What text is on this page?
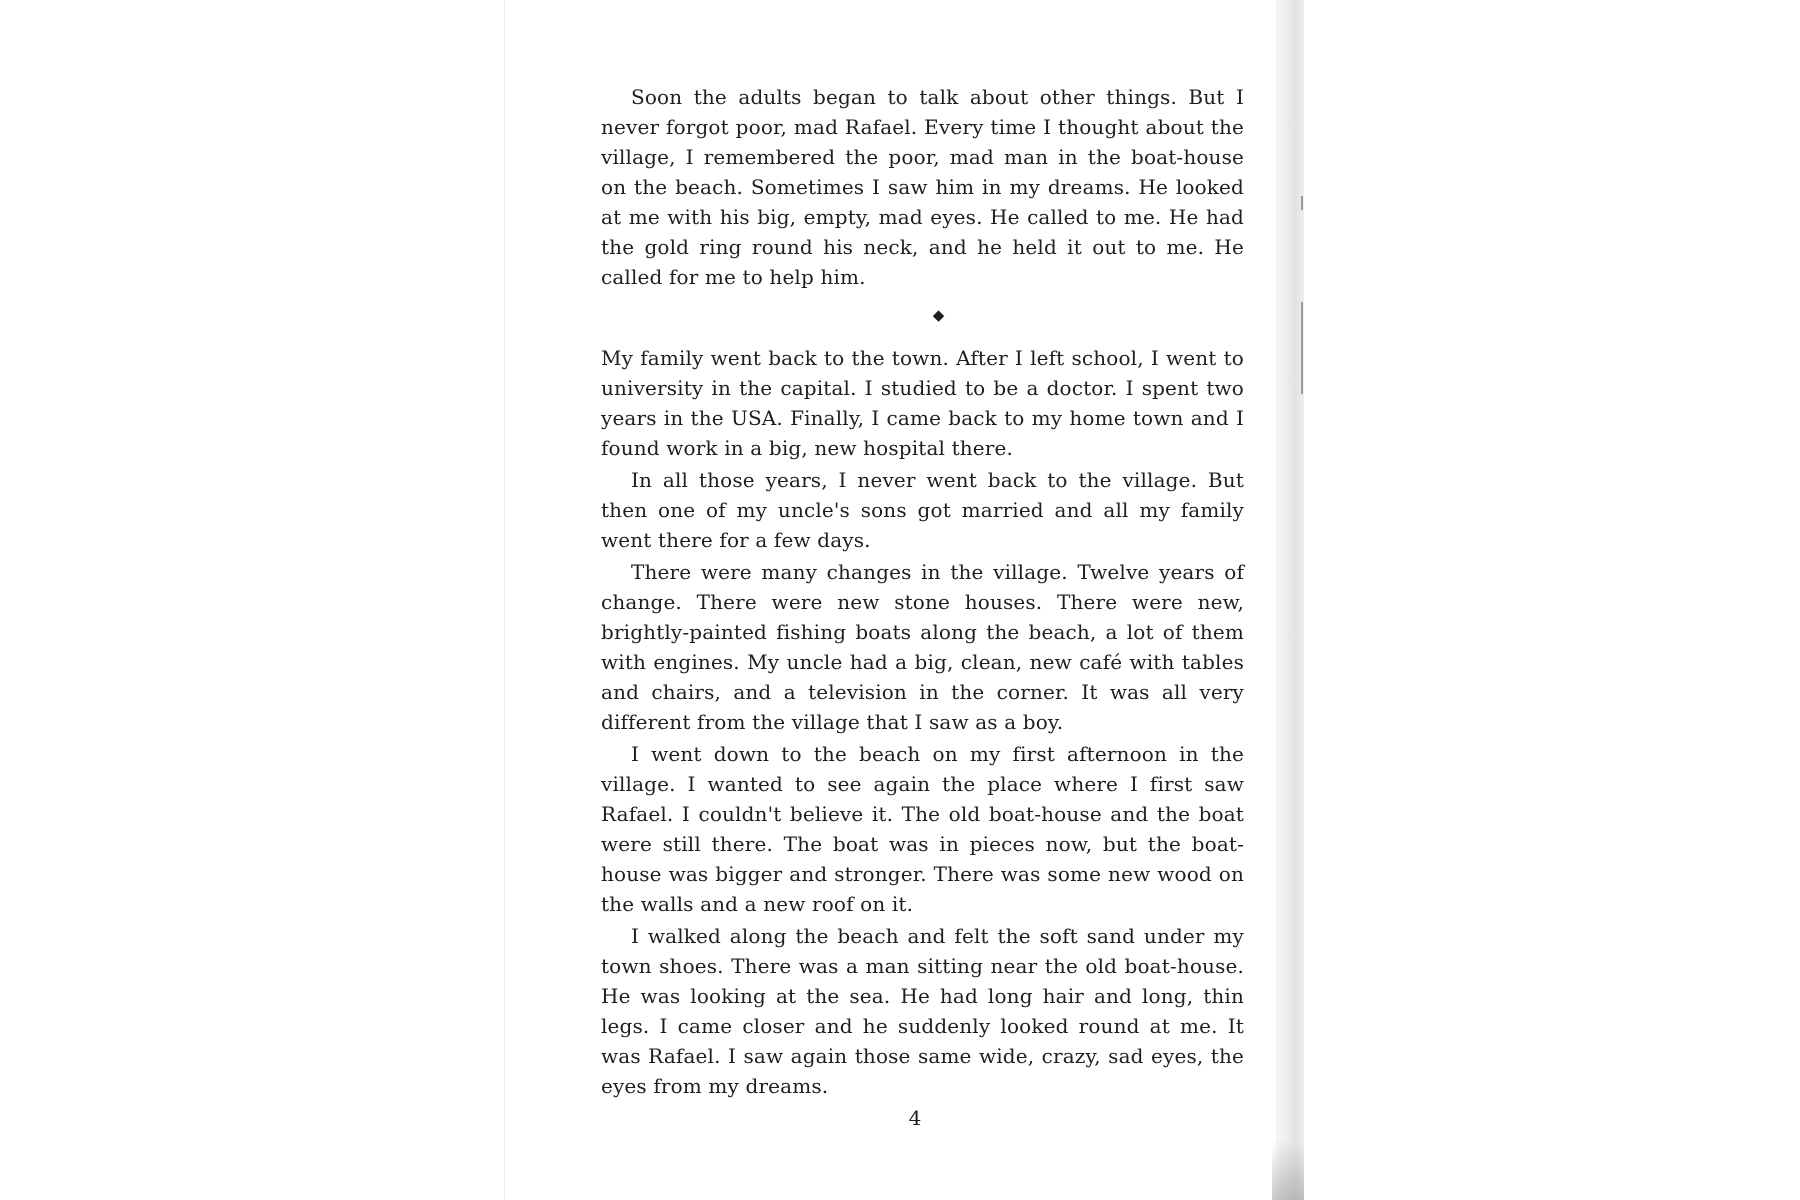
Soon the adults began to talk about other things. But I never forgot poor, mad Rafael. Every time I thought about the village, I remembered the poor, mad man in the boat-house on the beach. Sometimes I saw him in my dreams. He looked at me with his big, empty, mad eyes. He called to me. He had the gold ring round his neck, and he held it out to me. He called for me to help him.

◆

My family went back to the town. After I left school, I went to university in the capital. I studied to be a doctor. I spent two years in the USA. Finally, I came back to my home town and I found work in a big, new hospital there.

In all those years, I never went back to the village. But then one of my uncle's sons got married and all my family went there for a few days.

There were many changes in the village. Twelve years of change. There were new stone houses. There were new, brightly-painted fishing boats along the beach, a lot of them with engines. My uncle had a big, clean, new café with tables and chairs, and a television in the corner. It was all very different from the village that I saw as a boy.

I went down to the beach on my first afternoon in the village. I wanted to see again the place where I first saw Rafael. I couldn't believe it. The old boat-house and the boat were still there. The boat was in pieces now, but the boat-house was bigger and stronger. There was some new wood on the walls and a new roof on it.

I walked along the beach and felt the soft sand under my town shoes. There was a man sitting near the old boat-house. He was looking at the sea. He had long hair and long, thin legs. I came closer and he suddenly looked round at me. It was Rafael. I saw again those same wide, crazy, sad eyes, the eyes from my dreams.

4
